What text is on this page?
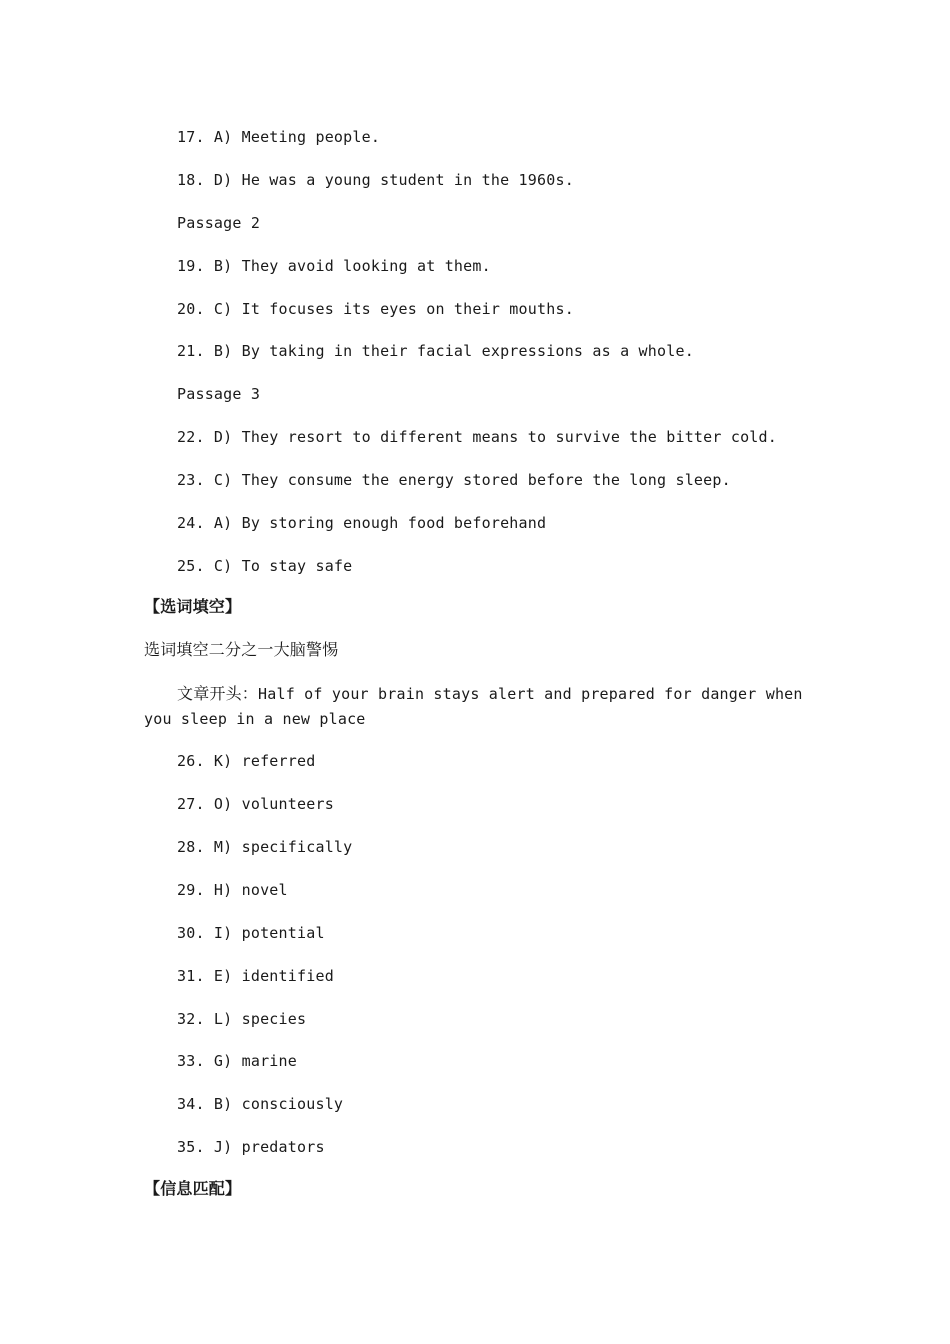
17. A) Meeting people.
18. D) He was a young student in the 1960s.
Passage 2
19. B) They avoid looking at them.
20. C) It focuses its eyes on their mouths.
21. B) By taking in their facial expressions as a whole.
Passage 3
22. D) They resort to different means to survive the bitter cold.
23. C) They consume the energy stored before the long sleep.
24. A) By storing enough food beforehand
25. C) To stay safe
【选词填空】
选词填空二分之一大脑警惕
文章开头：Half of your brain stays alert and prepared for danger when you sleep in a new place
26. K) referred
27. O) volunteers
28. M) specifically
29. H) novel
30. I) potential
31. E) identified
32. L) species
33. G) marine
34. B) consciously
35. J) predators
【信息匹配】
